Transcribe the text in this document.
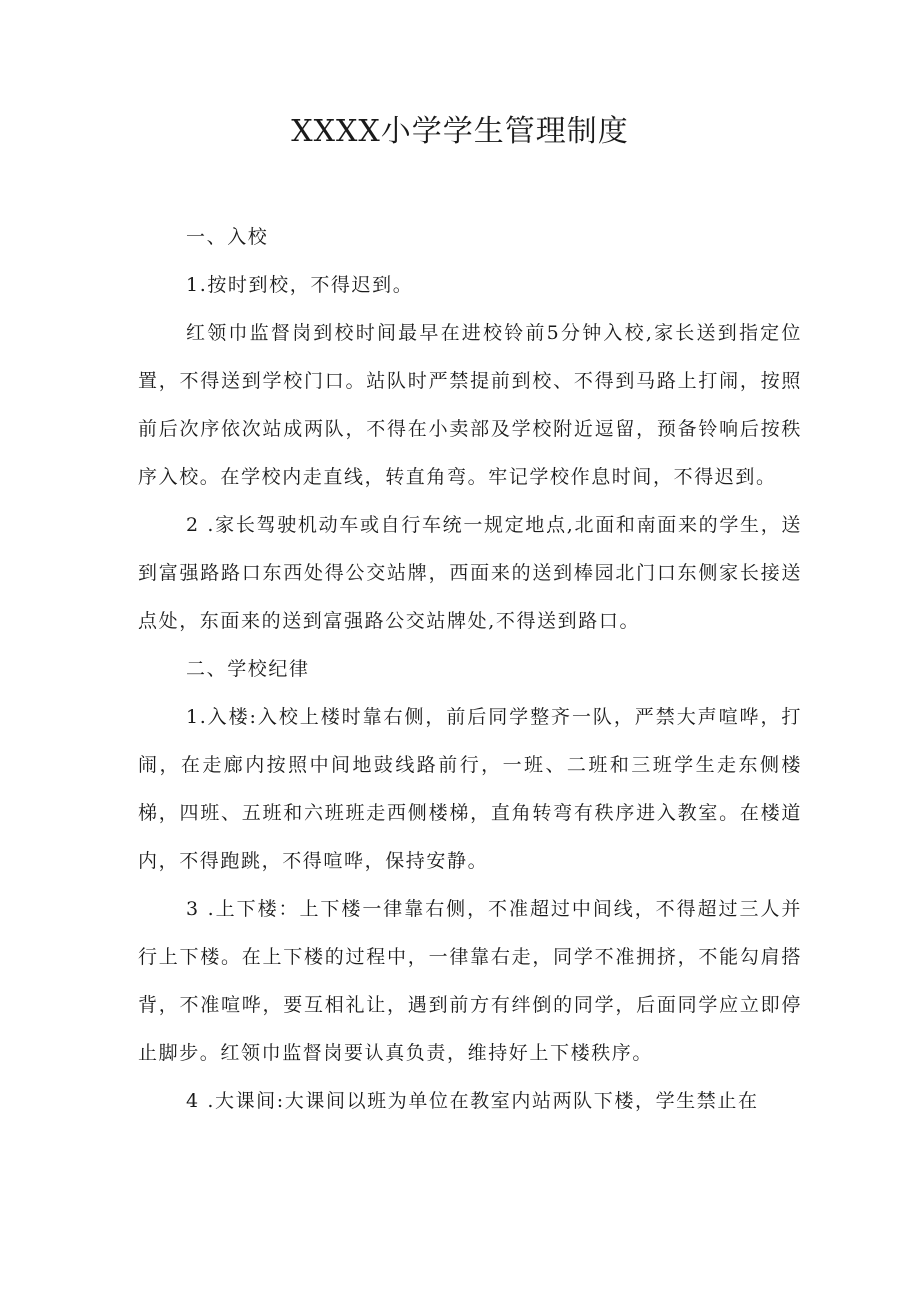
XXXX小学学生管理制度

一、入校

1.按时到校，不得迟到。

红领巾监督岗到校时间最早在进校铃前5分钟入校,家长送到指定位置，不得送到学校门口。站队时严禁提前到校、不得到马路上打闹，按照前后次序依次站成两队，不得在小卖部及学校附近逗留，预备铃响后按秩序入校。在学校内走直线，转直角弯。牢记学校作息时间，不得迟到。

2 .家长驾驶机动车或自行车统一规定地点,北面和南面来的学生，送到富强路路口东西处得公交站牌，西面来的送到棒园北门口东侧家长接送点处，东面来的送到富强路公交站牌处,不得送到路口。

二、学校纪律

1.入楼:入校上楼时靠右侧，前后同学整齐一队，严禁大声喧哗，打闹，在走廊内按照中间地豉线路前行，一班、二班和三班学生走东侧楼梯，四班、五班和六班班走西侧楼梯，直角转弯有秩序进入教室。在楼道内，不得跑跳，不得喧哗，保持安静。

3 .上下楼：上下楼一律靠右侧，不准超过中间线，不得超过三人并行上下楼。在上下楼的过程中，一律靠右走，同学不准拥挤，不能勾肩搭背，不准喧哗，要互相礼让，遇到前方有绊倒的同学，后面同学应立即停止脚步。红领巾监督岗要认真负责，维持好上下楼秩序。

4 .大课间:大课间以班为单位在教室内站两队下楼，学生禁止在
